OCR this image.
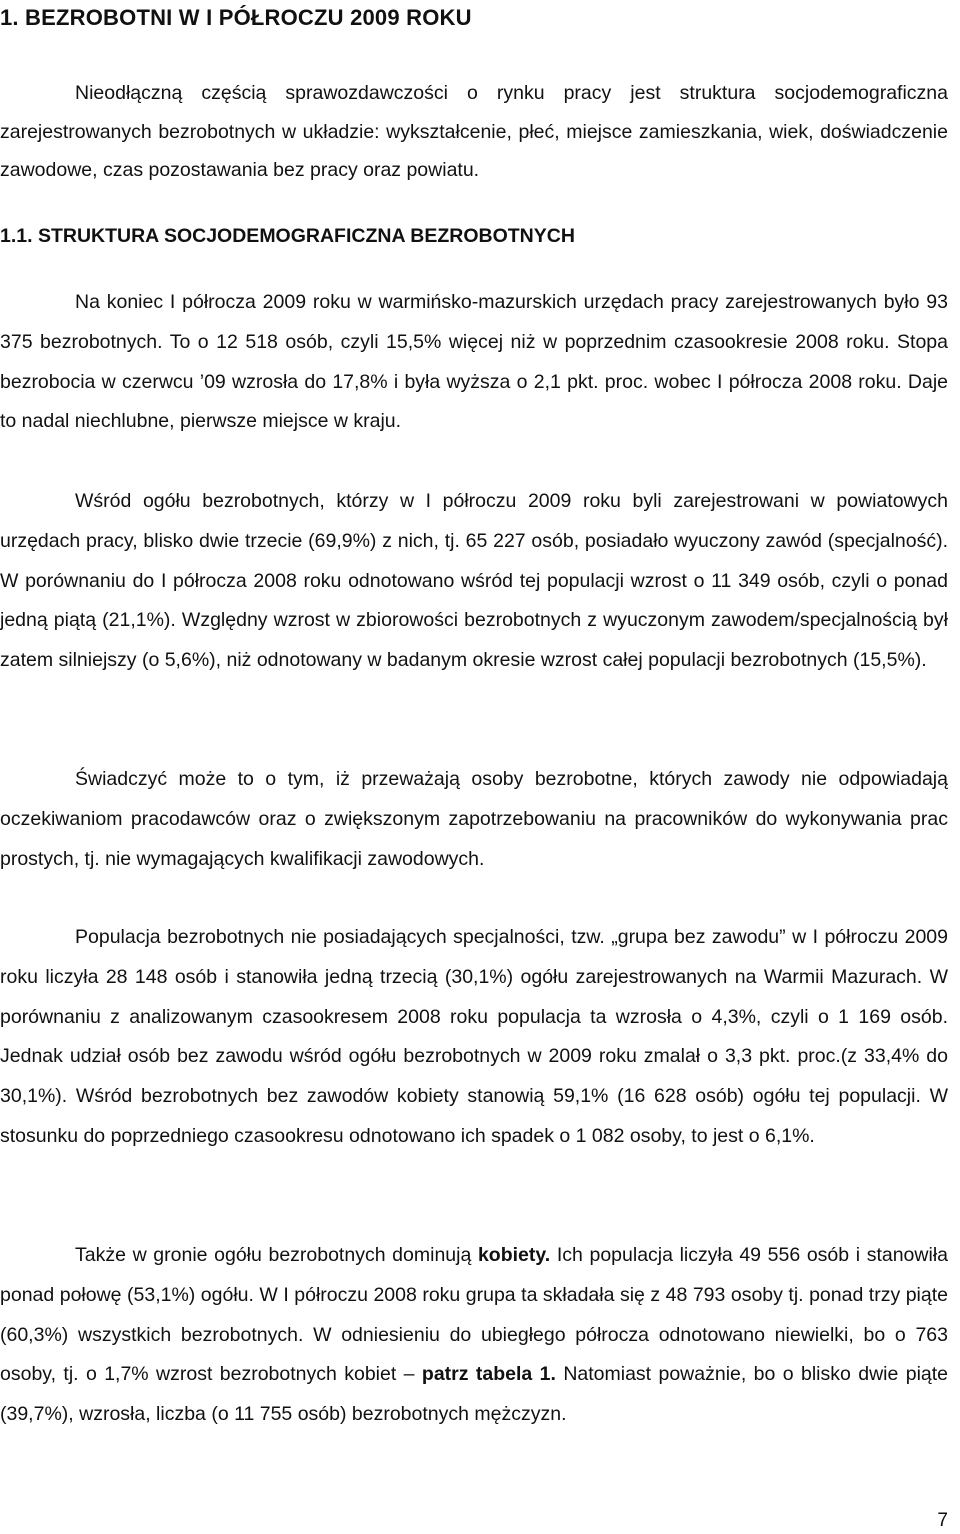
1. BEZROBOTNI W I PÓŁROCZU 2009 ROKU

Nieodłączną częścią sprawozdawczości o rynku pracy jest struktura socjodemograficzna zarejestrowanych bezrobotnych w układzie: wykształcenie, płeć, miejsce zamieszkania, wiek, doświadczenie zawodowe, czas pozostawania bez pracy oraz powiatu.

1.1. STRUKTURA SOCJODEMOGRAFICZNA BEZROBOTNYCH

Na koniec I półrocza 2009 roku w warmińsko-mazurskich urzędach pracy zarejestrowanych było 93 375 bezrobotnych. To o 12 518 osób, czyli 15,5% więcej niż w poprzednim czasookresie 2008 roku. Stopa bezrobocia w czerwcu ’09 wzrosła do 17,8% i była wyższa o 2,1 pkt. proc. wobec I półrocza 2008 roku. Daje to nadal niechlubne, pierwsze miejsce w kraju.

Wśród ogółu bezrobotnych, którzy w I półroczu 2009 roku byli zarejestrowani w powiatowych urzędach pracy, blisko dwie trzecie (69,9%) z nich, tj. 65 227 osób, posiadało wyuczony zawód (specjalność). W porównaniu do I półrocza 2008 roku odnotowano wśród tej populacji wzrost o 11 349 osób, czyli o ponad jedną piątą (21,1%). Względny wzrost w zbiorowości bezrobotnych z wyuczonym zawodem/specjalnością był zatem silniejszy (o 5,6%), niż odnotowany w badanym okresie wzrost całej populacji bezrobotnych (15,5%).

Świadczyć może to o tym, iż przeważają osoby bezrobotne, których zawody nie odpowiadają oczekiwaniom pracodawców oraz o zwiększonym zapotrzebowaniu na pracowników do wykonywania prac prostych, tj. nie wymagających kwalifikacji zawodowych.

Populacja bezrobotnych nie posiadających specjalności, tzw. „grupa bez zawodu” w I półroczu 2009 roku liczyła 28 148 osób i stanowiła jedną trzecią (30,1%) ogółu zarejestrowanych na Warmii Mazurach. W porównaniu z analizowanym czasookresem 2008 roku populacja ta wzrosła o 4,3%, czyli o 1 169 osób. Jednak udział osób bez zawodu wśród ogółu bezrobotnych w 2009 roku zmalał o 3,3 pkt. proc.(z 33,4% do 30,1%). Wśród bezrobotnych bez zawodów kobiety stanowią 59,1% (16 628 osób) ogółu tej populacji. W stosunku do poprzedniego czasookresu odnotowano ich spadek o 1 082 osoby, to jest o 6,1%.

Także w gronie ogółu bezrobotnych dominują kobiety. Ich populacja liczyła 49 556 osób i stanowiła ponad połowę (53,1%) ogółu. W I półroczu 2008 roku grupa ta składała się z 48 793 osoby tj. ponad trzy piąte (60,3%) wszystkich bezrobotnych. W odniesieniu do ubiegłego półrocza odnotowano niewielki, bo o 763 osoby, tj. o 1,7% wzrost bezrobotnych kobiet – patrz tabela 1. Natomiast poważnie, bo o blisko dwie piąte (39,7%), wzrosła, liczba (o 11 755 osób) bezrobotnych mężczyzn.

7
